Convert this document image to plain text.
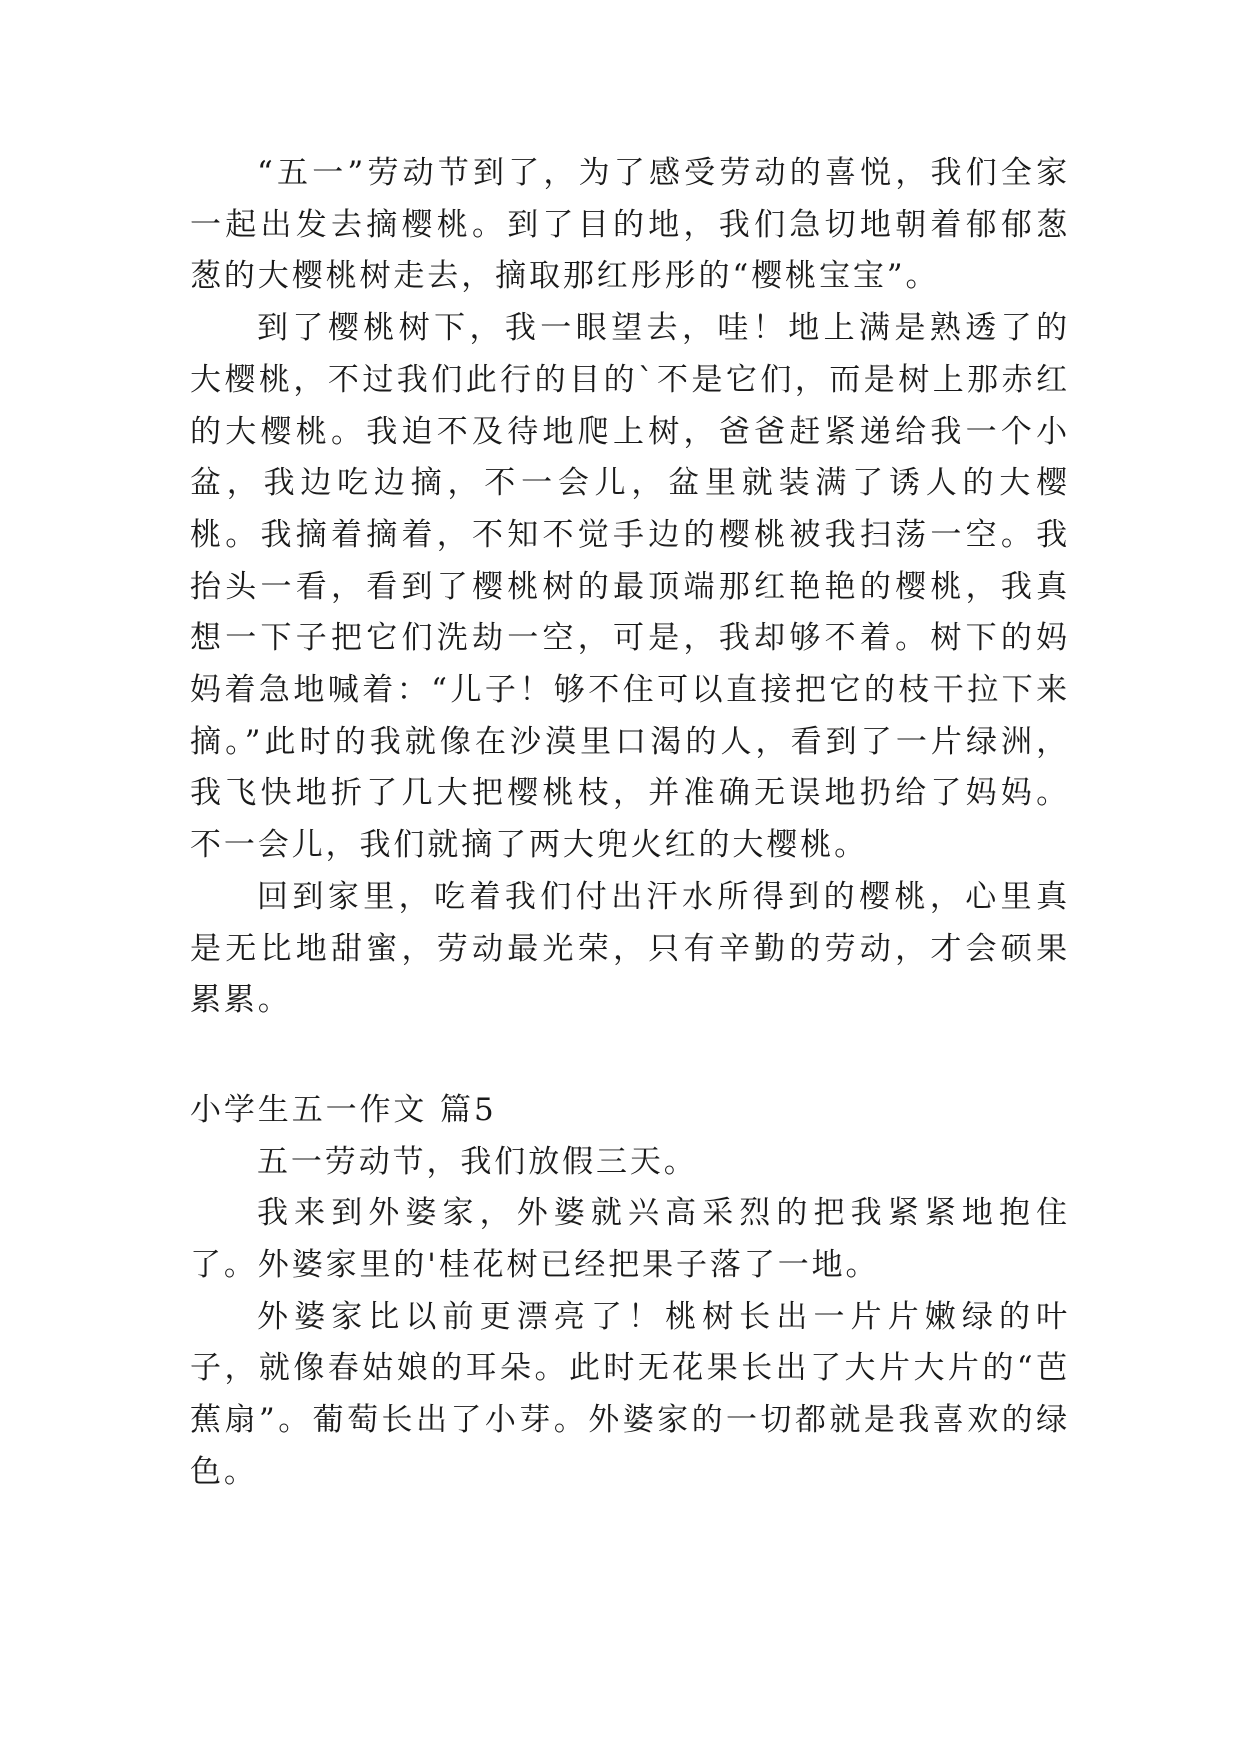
“五一”劳动节到了，为了感受劳动的喜悦，我们全家一起出发去摘樱桃。到了目的地，我们急切地朝着郁郁葱葱的大樱桃树走去，摘取那红彤彤的“樱桃宝宝”。

到了樱桃树下，我一眼望去，哇！地上满是熟透了的大樱桃，不过我们此行的目的`不是它们，而是树上那赤红的大樱桃。我迫不及待地爬上树，爸爸赶紧递给我一个小盆，我边吃边摘，不一会儿，盆里就装满了诱人的大樱桃。我摘着摘着，不知不觉手边的樱桃被我扫荡一空。我抬头一看，看到了樱桃树的最顶端那红艳艳的樱桃，我真想一下子把它们洗劫一空，可是，我却够不着。树下的妈妈着急地喊着：“儿子！够不住可以直接把它的枝干拉下来摘。”此时的我就像在沙漠里口渴的人，看到了一片绿洲，我飞快地折了几大把樱桃枝，并准确无误地扔给了妈妈。不一会儿，我们就摘了两大兜火红的大樱桃。

回到家里，吃着我们付出汗水所得到的樱桃，心里真是无比地甜蜜，劳动最光荣，只有辛勤的劳动，才会硕果累累。

小学生五一作文 篇5

五一劳动节，我们放假三天。

我来到外婆家，外婆就兴高采烈的把我紧紧地抱住了。外婆家里的'桂花树已经把果子落了一地。

外婆家比以前更漂亮了！桃树长出一片片嫩绿的叶子，就像春姑娘的耳朵。此时无花果长出了大片大片的“芭蕉扇”。葡萄长出了小芽。外婆家的一切都就是我喜欢的绿色。
